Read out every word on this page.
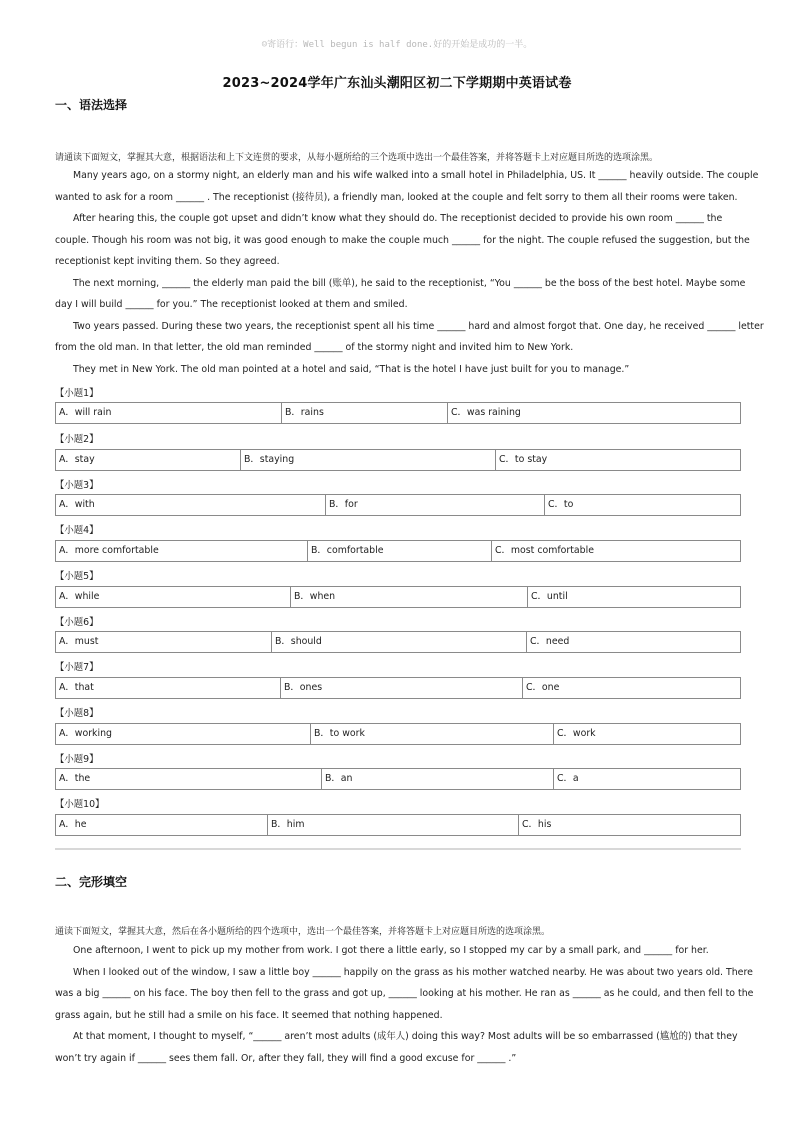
☺寄语行：Well begun is half done.好的开始是成功的一半。
2023~2024学年广东汕头潮阳区初二下学期期中英语试卷
一、语法选择
请通读下面短文，掌握其大意，根据语法和上下文连贯的要求，从每小题所给的三个选项中选出一个最佳答案，并将答题卡上对应题目所选的选项涂黑。

Many years ago, on a stormy night, an elderly man and his wife walked into a small hotel in Philadelphia, US. It ______ heavily outside. The couple

wanted to ask for a room ______ . The receptionist (接待员), a friendly man, looked at the couple and felt sorry to them all their rooms were taken.

After hearing this, the couple got upset and didn’t know what they should do. The receptionist decided to provide his own room ______ the

couple. Though his room was not big, it was good enough to make the couple much ______ for the night. The couple refused the suggestion, but the

receptionist kept inviting them. So they agreed.

The next morning, ______ the elderly man paid the bill (账单), he said to the receptionist, “You ______ be the boss of the best hotel. Maybe some

day I will build ______ for you.” The receptionist looked at them and smiled.

Two years passed. During these two years, the receptionist spent all his time ______ hard and almost forgot that. One day, he received ______ letter

from the old man. In that letter, the old man reminded ______ of the stormy night and invited him to New York.

They met in New York. The old man pointed at a hotel and said, “That is the hotel I have just built for you to manage.”

【小题1】
A．will rain	B．rains	C．was raining
【小题2】
A．stay	B．staying	C．to stay
【小题3】
A．with	B．for	C．to
【小题4】
A．more comfortable	B．comfortable	C．most comfortable
【小题5】
A．while	B．when	C．until
【小题6】
A．must	B．should	C．need
【小题7】
A．that	B．ones	C．one
【小题8】
A．working	B．to work	C．work
【小题9】
A．the	B．an	C．a
【小题10】
A．he	B．him	C．his
二、完形填空
通读下面短文，掌握其大意，然后在各小题所给的四个选项中，选出一个最佳答案，并将答题卡上对应题目所选的选项涂黑。

One afternoon, I went to pick up my mother from work. I got there a little early, so I stopped my car by a small park, and ______ for her.

When I looked out of the window, I saw a little boy ______ happily on the grass as his mother watched nearby. He was about two years old. There

was a big ______ on his face. The boy then fell to the grass and got up, ______ looking at his mother. He ran as ______ as he could, and then fell to the

grass again, but he still had a smile on his face. It seemed that nothing happened.

At that moment, I thought to myself, “______ aren’t most adults (成年人) doing this way? Most adults will be so embarrassed (尴尬的) that they

won’t try again if ______ sees them fall. Or, after they fall, they will find a good excuse for ______ .”
